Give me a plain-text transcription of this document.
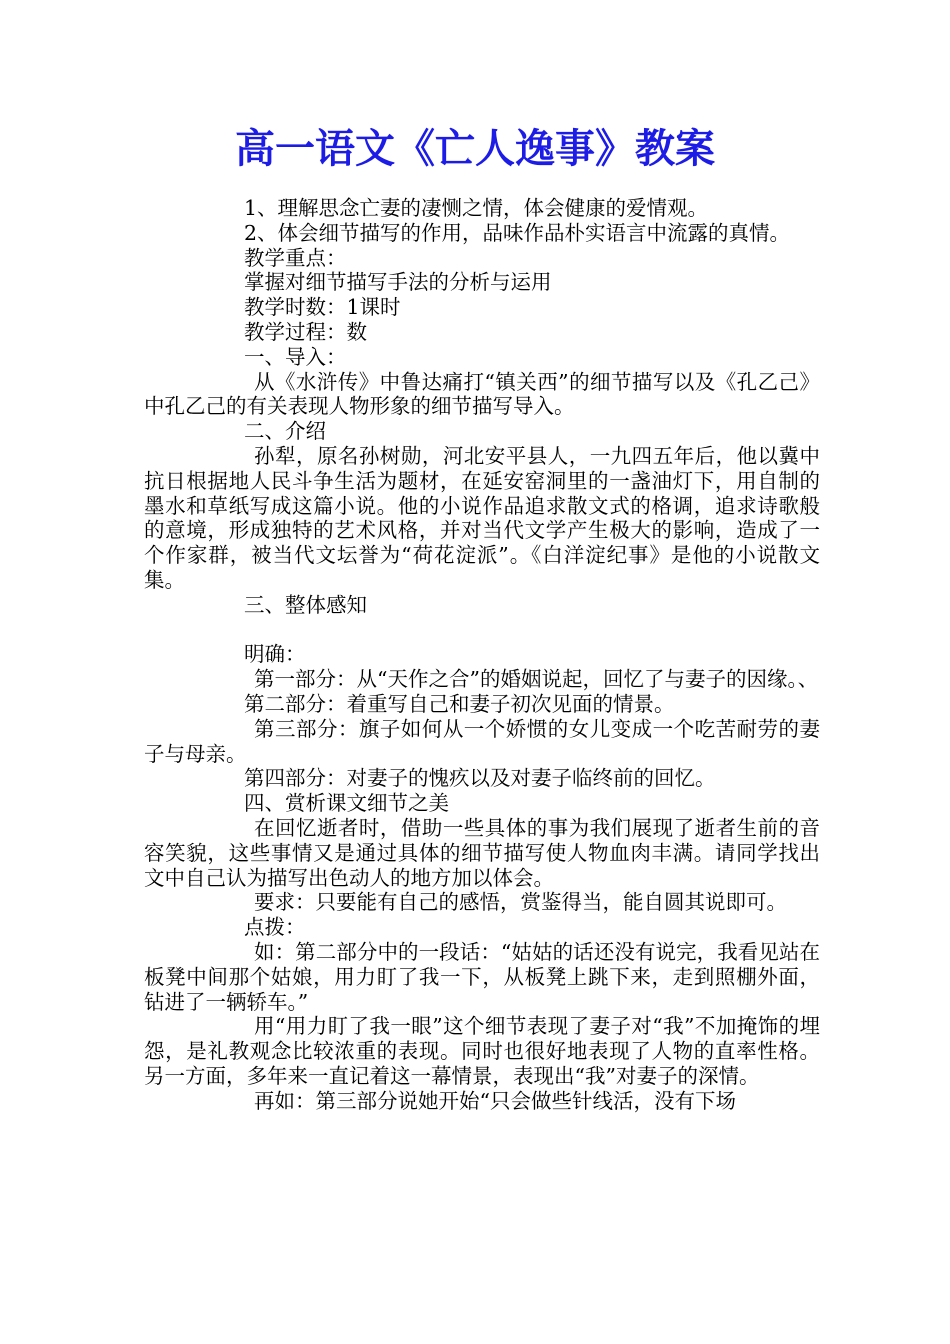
高一语文《亡人逸事》教案

1、理解思念亡妻的凄恻之情，体会健康的爱情观。

2、体会细节描写的作用，品味作品朴实语言中流露的真情。

教学重点：

掌握对细节描写手法的分析与运用

教学时数：1课时

教学过程：数

一、导入：

从《水浒传》中鲁达痛打“镇关西”的细节描写以及《孔乙己》中孔乙己的有关表现人物形象的细节描写导入。

二、介绍

孙犁，原名孙树勋，河北安平县人，一九四五年后，他以冀中抗日根据地人民斗争生活为题材，在延安窑洞里的一盏油灯下，用自制的墨水和草纸写成这篇小说。他的小说作品追求散文式的格调，追求诗歌般的意境，形成独特的艺术风格，并对当代文学产生极大的影响，造成了一个作家群，被当代文坛誉为“荷花淀派”。《白洋淀纪事》是他的小说散文集。

三、整体感知

明确：

第一部分：从“天作之合”的婚姻说起，回忆了与妻子的因缘。、

第二部分：着重写自己和妻子初次见面的情景。

第三部分：旗子如何从一个娇惯的女儿变成一个吃苦耐劳的妻子与母亲。

第四部分：对妻子的愧疚以及对妻子临终前的回忆。

四、赏析课文细节之美

在回忆逝者时，借助一些具体的事为我们展现了逝者生前的音容笑貌，这些事情又是通过具体的细节描写使人物血肉丰满。请同学找出文中自己认为描写出色动人的地方加以体会。

要求：只要能有自己的感悟，赏鉴得当，能自圆其说即可。

点拨：

如：第二部分中的一段话：“姑姑的话还没有说完，我看见站在板凳中间那个姑娘，用力盯了我一下，从板凳上跳下来，走到照棚外面，钻进了一辆轿车。”

用“用力盯了我一眼”这个细节表现了妻子对“我”不加掩饰的埋怨，是礼教观念比较浓重的表现。同时也很好地表现了人物的直率性格。另一方面，多年来一直记着这一幕情景，表现出“我”对妻子的深情。

再如：第三部分说她开始“只会做些针线活，没有下场
